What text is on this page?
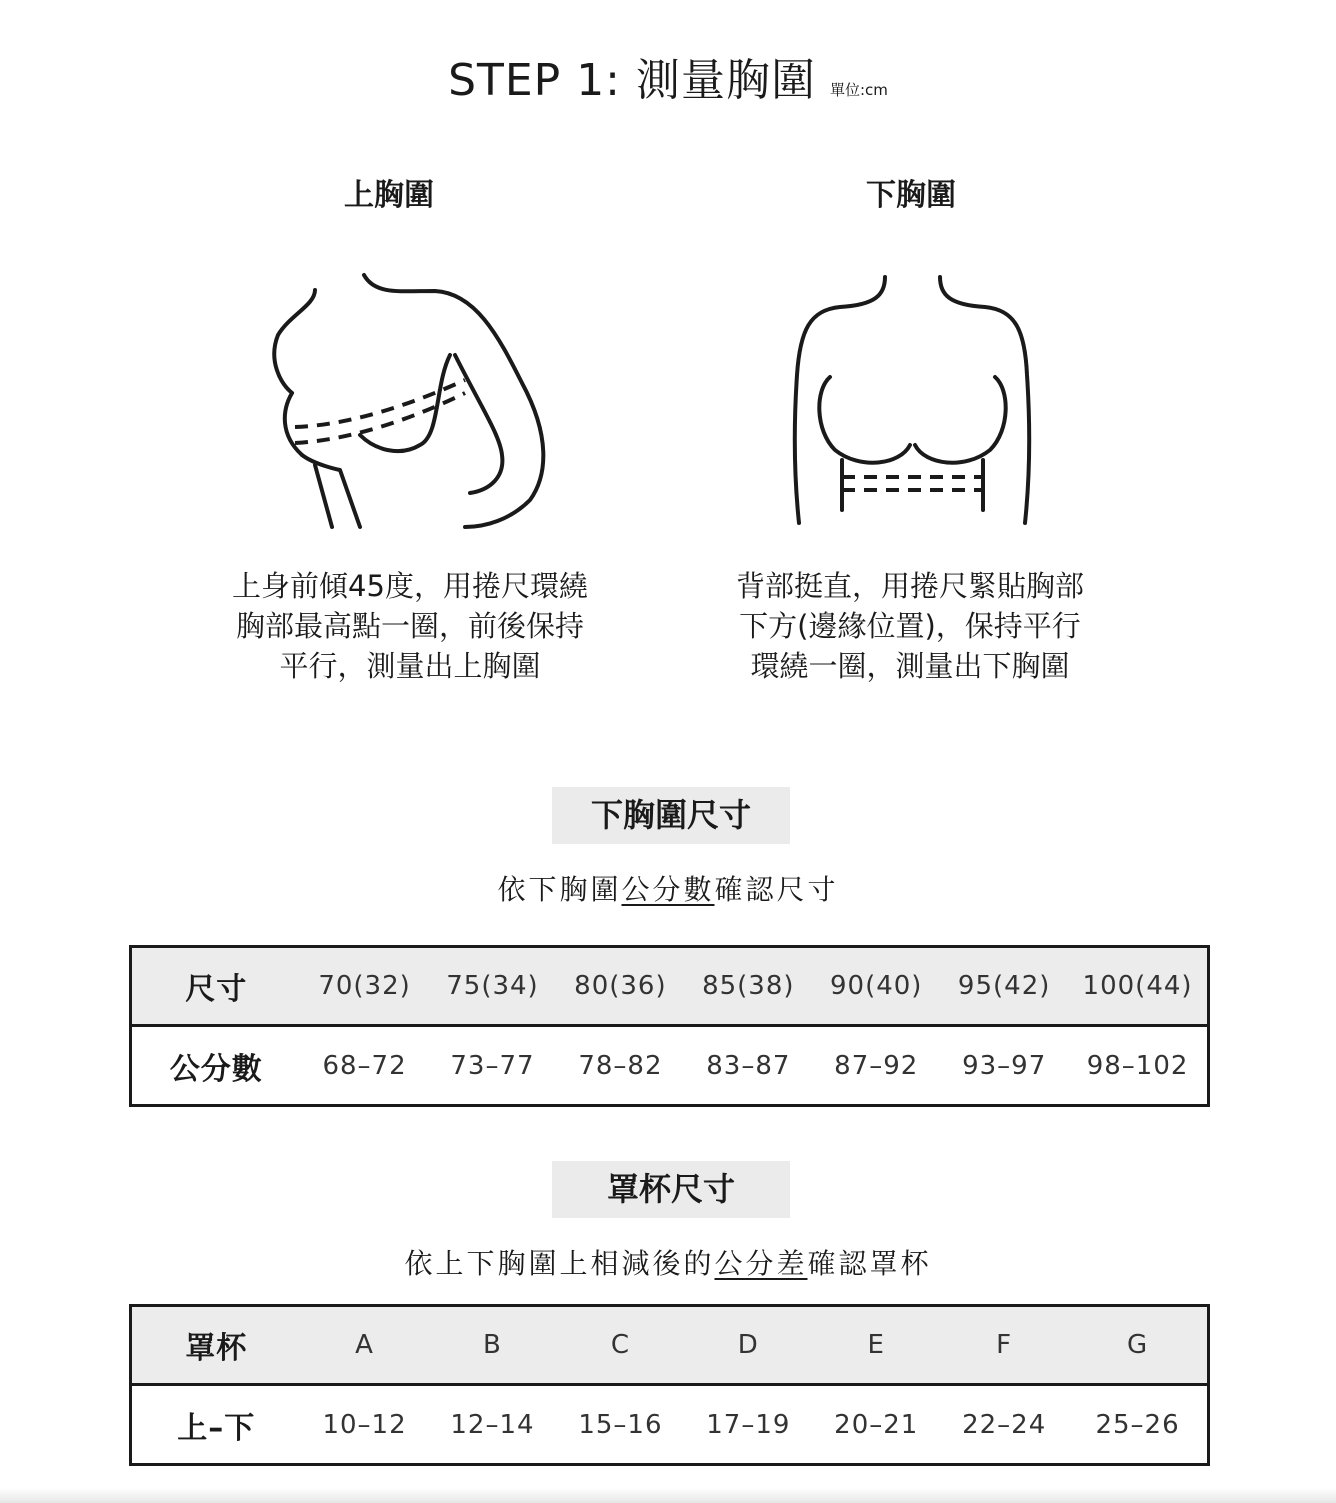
STEP 1: 測量胸圍 單位:cm
上胸圍	下胸圍
上身前傾45度，用捲尺環繞
胸部最高點一圈，前後保持
平行，測量出上胸圍
背部挺直，用捲尺緊貼胸部
下方(邊緣位置)，保持平行
環繞一圈，測量出下胸圍
下胸圍尺寸
依下胸圍公分數確認尺寸
尺寸	70(32)	75(34)	80(36)	85(38)	90(40)	95(42)	100(44)
公分數	68–72	73–77	78–82	83–87	87–92	93–97	98–102
罩杯尺寸
依上下胸圍上相減後的公分差確認罩杯
罩杯	A	B	C	D	E	F	G
上–下	10–12	12–14	15–16	17–19	20–21	22–24	25–26
